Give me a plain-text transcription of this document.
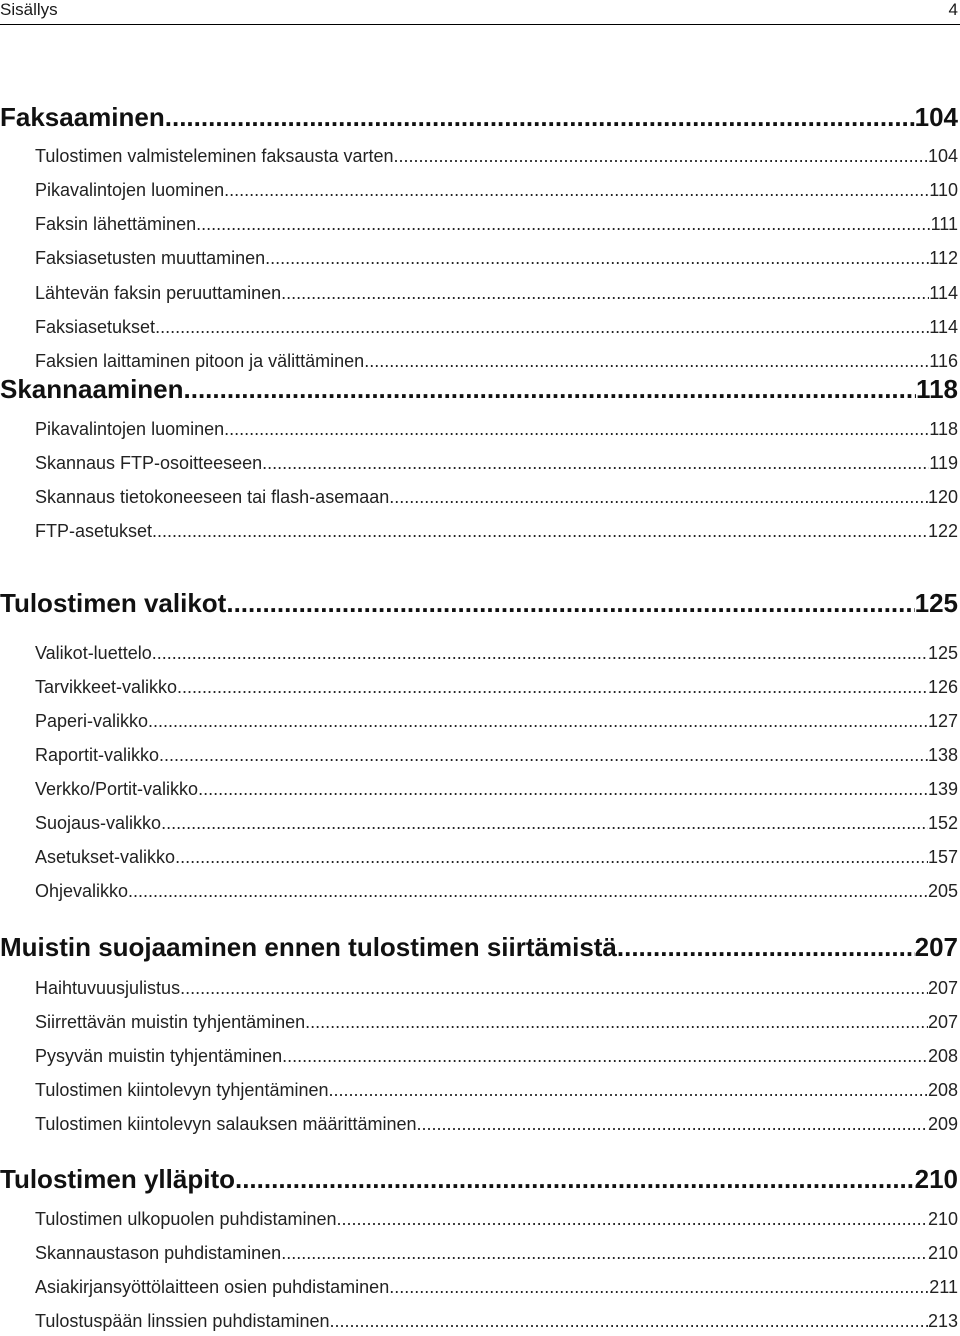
Sisällys	4
Faksaaminen .....	104
Tulostimen valmisteleminen faksausta varten .....	104
Pikavalintojen luominen .....	110
Faksin lähettäminen .....	111
Faksiasetusten muuttaminen .....	112
Lähtevän faksin peruuttaminen .....	114
Faksiasetukset .....	114
Faksien laittaminen pitoon ja välittäminen .....	116
Skannaaminen .....	118
Pikavalintojen luominen .....	118
Skannaus FTP-osoitteeseen .....	119
Skannaus tietokoneeseen tai flash-asemaan .....	120
FTP-asetukset .....	122
Tulostimen valikot .....	125
Valikot-luettelo .....	125
Tarvikkeet-valikko .....	126
Paperi-valikko .....	127
Raportit-valikko .....	138
Verkko/Portit-valikko .....	139
Suojaus-valikko .....	152
Asetukset-valikko .....	157
Ohjevalikko .....	205
Muistin suojaaminen ennen tulostimen siirtämistä .....	207
Haihtuvuusjulistus .....	207
Siirrettävän muistin tyhjentäminen .....	207
Pysyvän muistin tyhjentäminen .....	208
Tulostimen kiintolevyn tyhjentäminen .....	208
Tulostimen kiintolevyn salauksen määrittäminen .....	209
Tulostimen ylläpito .....	210
Tulostimen ulkopuolen puhdistaminen .....	210
Skannaustason puhdistaminen .....	210
Asiakirjansyöttölaitteen osien puhdistaminen .....	211
Tulostuspään linssien puhdistaminen .....	213
